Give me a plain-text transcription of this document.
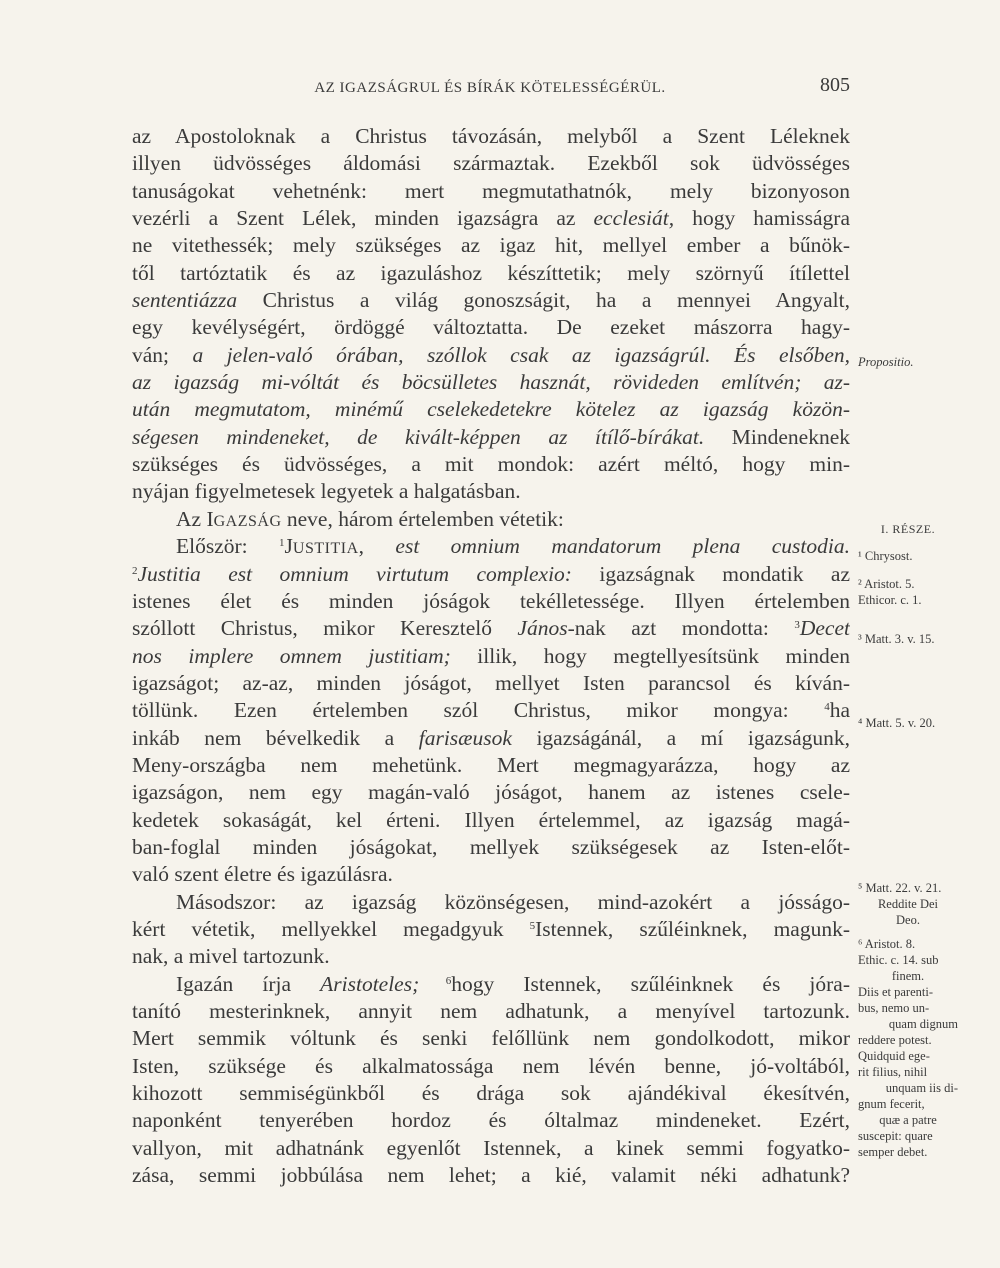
AZ IGAZSÁGRUL ÉS BÍRÁK KÖTELESSÉGÉRÜL.	805
az Apostoloknak a Christus távozásán, melyből a Szent Léleknek
illyen üdvösséges áldomási származtak. Ezekből sok üdvösséges
tanuságokat vehetnénk: mert megmutathatnók, mely bizonyoson
vezérli a Szent Lélek, minden igazságra az ecclesiát, hogy hamisságra
ne vitethessék; mely szükséges az igaz hit, mellyel ember a bűnök-
től tartóztatik és az igazuláshoz készíttetik; mely szörnyű ítílettel
sententiázza Christus a világ gonoszságit, ha a mennyei Angyalt,
egy kevélységért, ördöggé változtatta. De ezeket mászorra hagy-
ván; a jelen-való órában, szóllok csak az igazságrúl. És elsőben,
az igazság mi-vóltát és böcsülletes hasznát, rövideden említvén; az-
után megmutatom, minémű cselekedetekre kötelez az igazság közön-
ségesen mindeneket, de kivált-képpen az ítílő-bírákat. Mindeneknek
szükséges és üdvösséges, a mit mondok: azért méltó, hogy min-
nyájan figyelmetesek legyetek a halgatásban.
Az IGAZSÁG neve, három értelemben vétetik:
Először: $^1$JUSTITIA, est omnium mandatorum plena custodia.
$^2$Justitia est omnium virtutum complexio: igazságnak mondatik az
istenes élet és minden jóságok tekélletessége. Illyen értelemben
szóllott Christus, mikor Keresztelő János-nak azt mondotta: $^3$Decet
nos implere omnem justitiam; illik, hogy megtellyesítsünk minden
igazságot; az-az, minden jóságot, mellyet Isten parancsol és kíván-
töllünk. Ezen értelemben szól Christus, mikor mongya: $^4$ha
inkáb nem bévelkedik a farisæusok igazságánál, a mí igazságunk,
Meny-országba nem mehetünk. Mert megmagyarázza, hogy az
igazságon, nem egy magán-való jóságot, hanem az istenes csele-
kedetek sokaságát, kel érteni. Illyen értelemmel, az igazság magá-
ban-foglal minden jóságokat, mellyek szükségesek az Isten-előt-
való szent életre és igazúlásra.
Másodszor: az igazság közönségesen, mind-azokért a jósságo-
kért vétetik, mellyekkel megadgyuk $^5$Istennek, szűléinknek, magunk-
nak, a mivel tartozunk.
Igazán írja Aristoteles; $^6$hogy Istennek, szűléinknek és jóra-
tanító mesterinknek, annyit nem adhatunk, a menyível tartozunk.
Mert semmik vóltunk és senki felőllünk nem gondolkodott, mikor
Isten, szüksége és alkalmatossága nem lévén benne, jó-voltából,
kihozott semmiségünkből és drága sok ajándékival ékesítvén,
naponként tenyerében hordoz és óltalmaz mindeneket. Ezért,
vallyon, mit adhatnánk egyenlőt Istennek, a kinek semmi fogyatko-
zása, semmi jobbúlása nem lehet; a kié, valamit néki adhatunk?
Propositio.
I. RÉSZE.
¹ Chrysost.
² Aristot. 5.
Ethicor. c. 1.
³ Matt. 3. v. 15.
⁴ Matt. 5. v. 20.
⁵ Matt. 22. v. 21.
Reddite Dei
Deo.
⁶ Aristot. 8.
Ethic. c. 14. sub
finem.
Diis et parenti-
bus, nemo un-
quam dignum
reddere potest.
Quidquid ege-
rit filius, nihil
unquam iis di-
gnum fecerit,
quæ a patre
suscepit: quare
semper debet.
